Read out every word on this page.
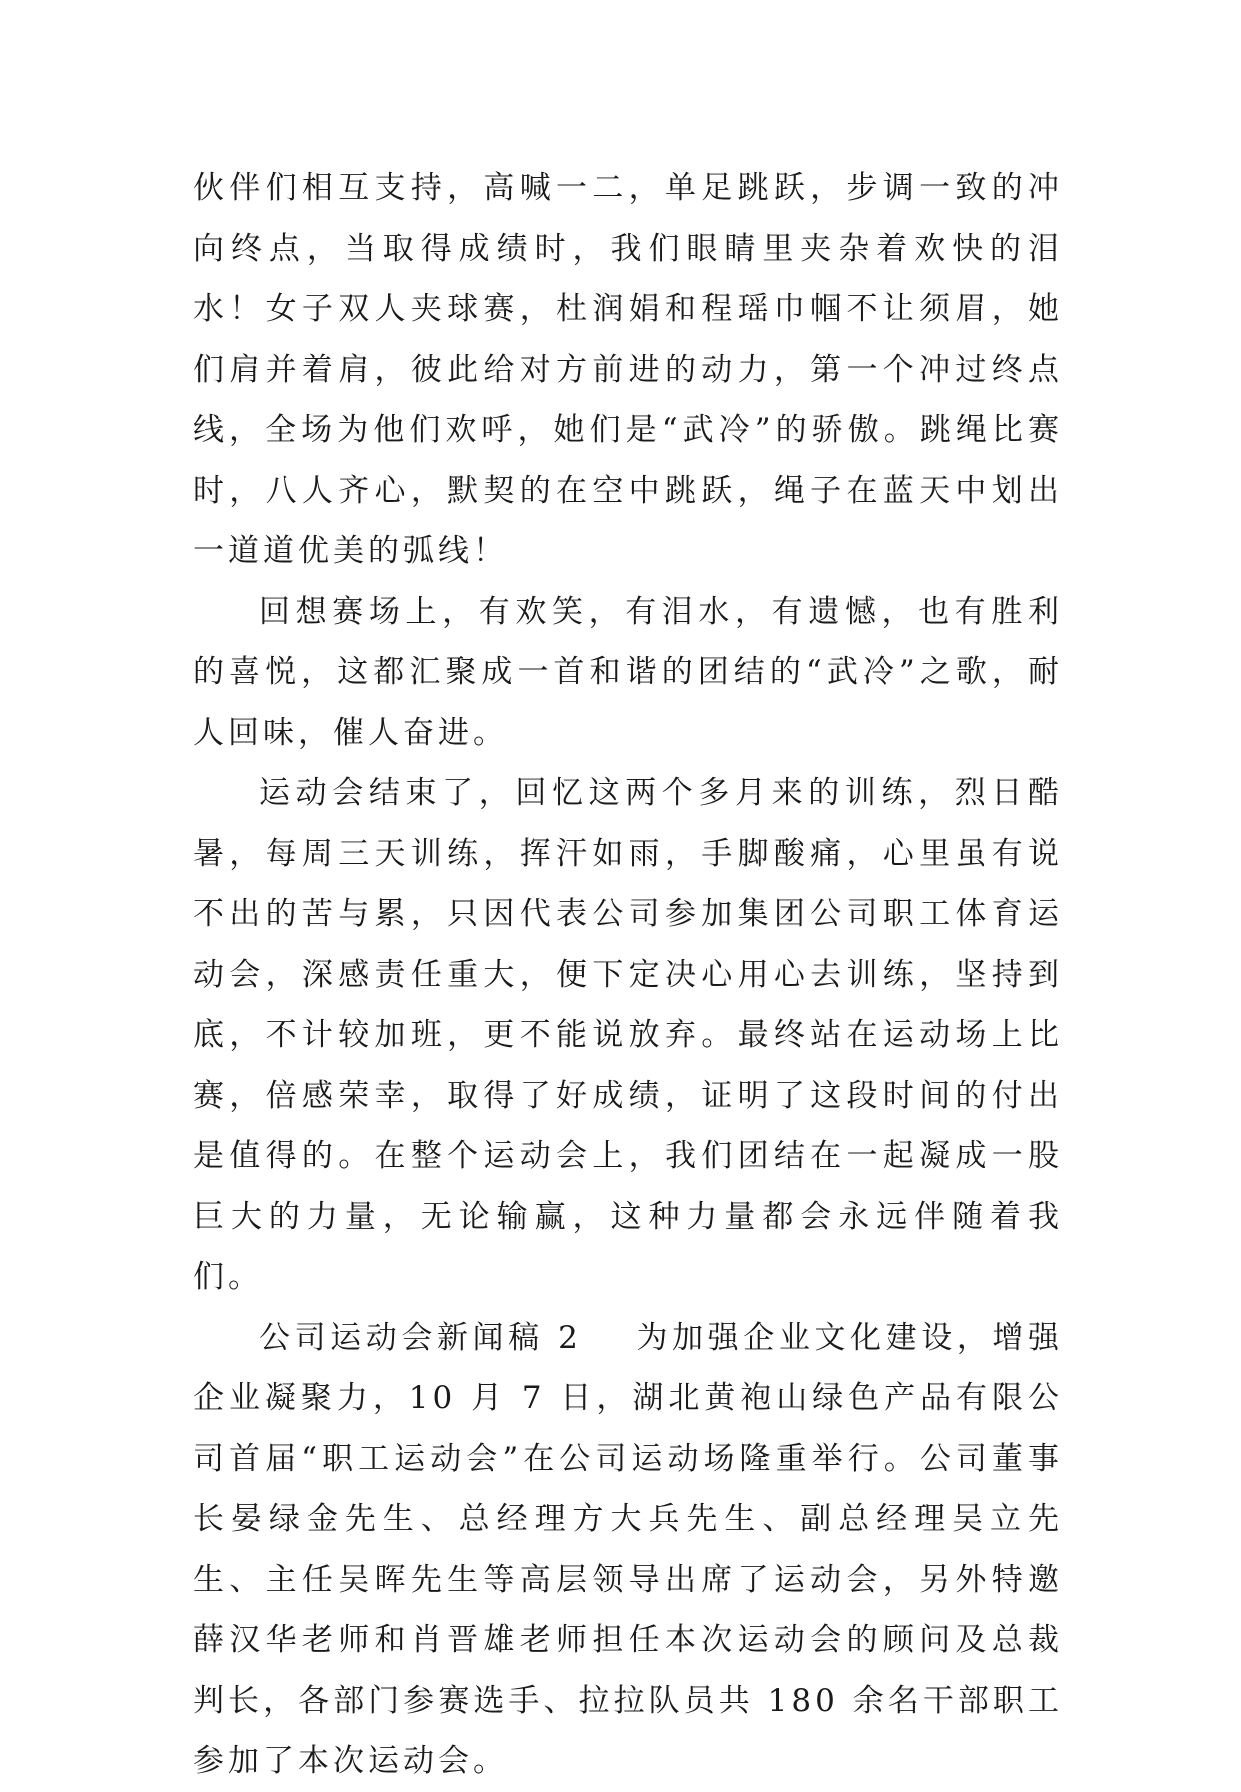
伙伴们相互支持，高喊一二，单足跳跃，步调一致的冲向终点，当取得成绩时，我们眼睛里夹杂着欢快的泪水！女子双人夹球赛，杜润娟和程瑶巾帼不让须眉，她们肩并着肩，彼此给对方前进的动力，第一个冲过终点线，全场为他们欢呼，她们是“武冷”的骄傲。跳绳比赛时，八人齐心，默契的在空中跳跃，绳子在蓝天中划出一道道优美的弧线！

回想赛场上，有欢笑，有泪水，有遗憾，也有胜利的喜悦，这都汇聚成一首和谐的团结的“武冷”之歌，耐人回味，催人奋进。

运动会结束了，回忆这两个多月来的训练，烈日酷暑，每周三天训练，挥汗如雨，手脚酸痛，心里虽有说不出的苦与累，只因代表公司参加集团公司职工体育运动会，深感责任重大，便下定决心用心去训练，坚持到底，不计较加班，更不能说放弃。最终站在运动场上比赛，倍感荣幸，取得了好成绩，证明了这段时间的付出是值得的。在整个运动会上，我们团结在一起凝成一股巨大的力量，无论输赢，这种力量都会永远伴随着我们。

公司运动会新闻稿 2 为加强企业文化建设，增强企业凝聚力，10 月 7 日，湖北黄袍山绿色产品有限公司首届“职工运动会”在公司运动场隆重举行。公司董事长晏绿金先生、总经理方大兵先生、副总经理吴立先生、主任吴晖先生等高层领导出席了运动会，另外特邀薛汉华老师和肖晋雄老师担任本次运动会的顾问及总裁判长，各部门参赛选手、拉拉队员共 180 余名干部职工参加了本次运动会。
